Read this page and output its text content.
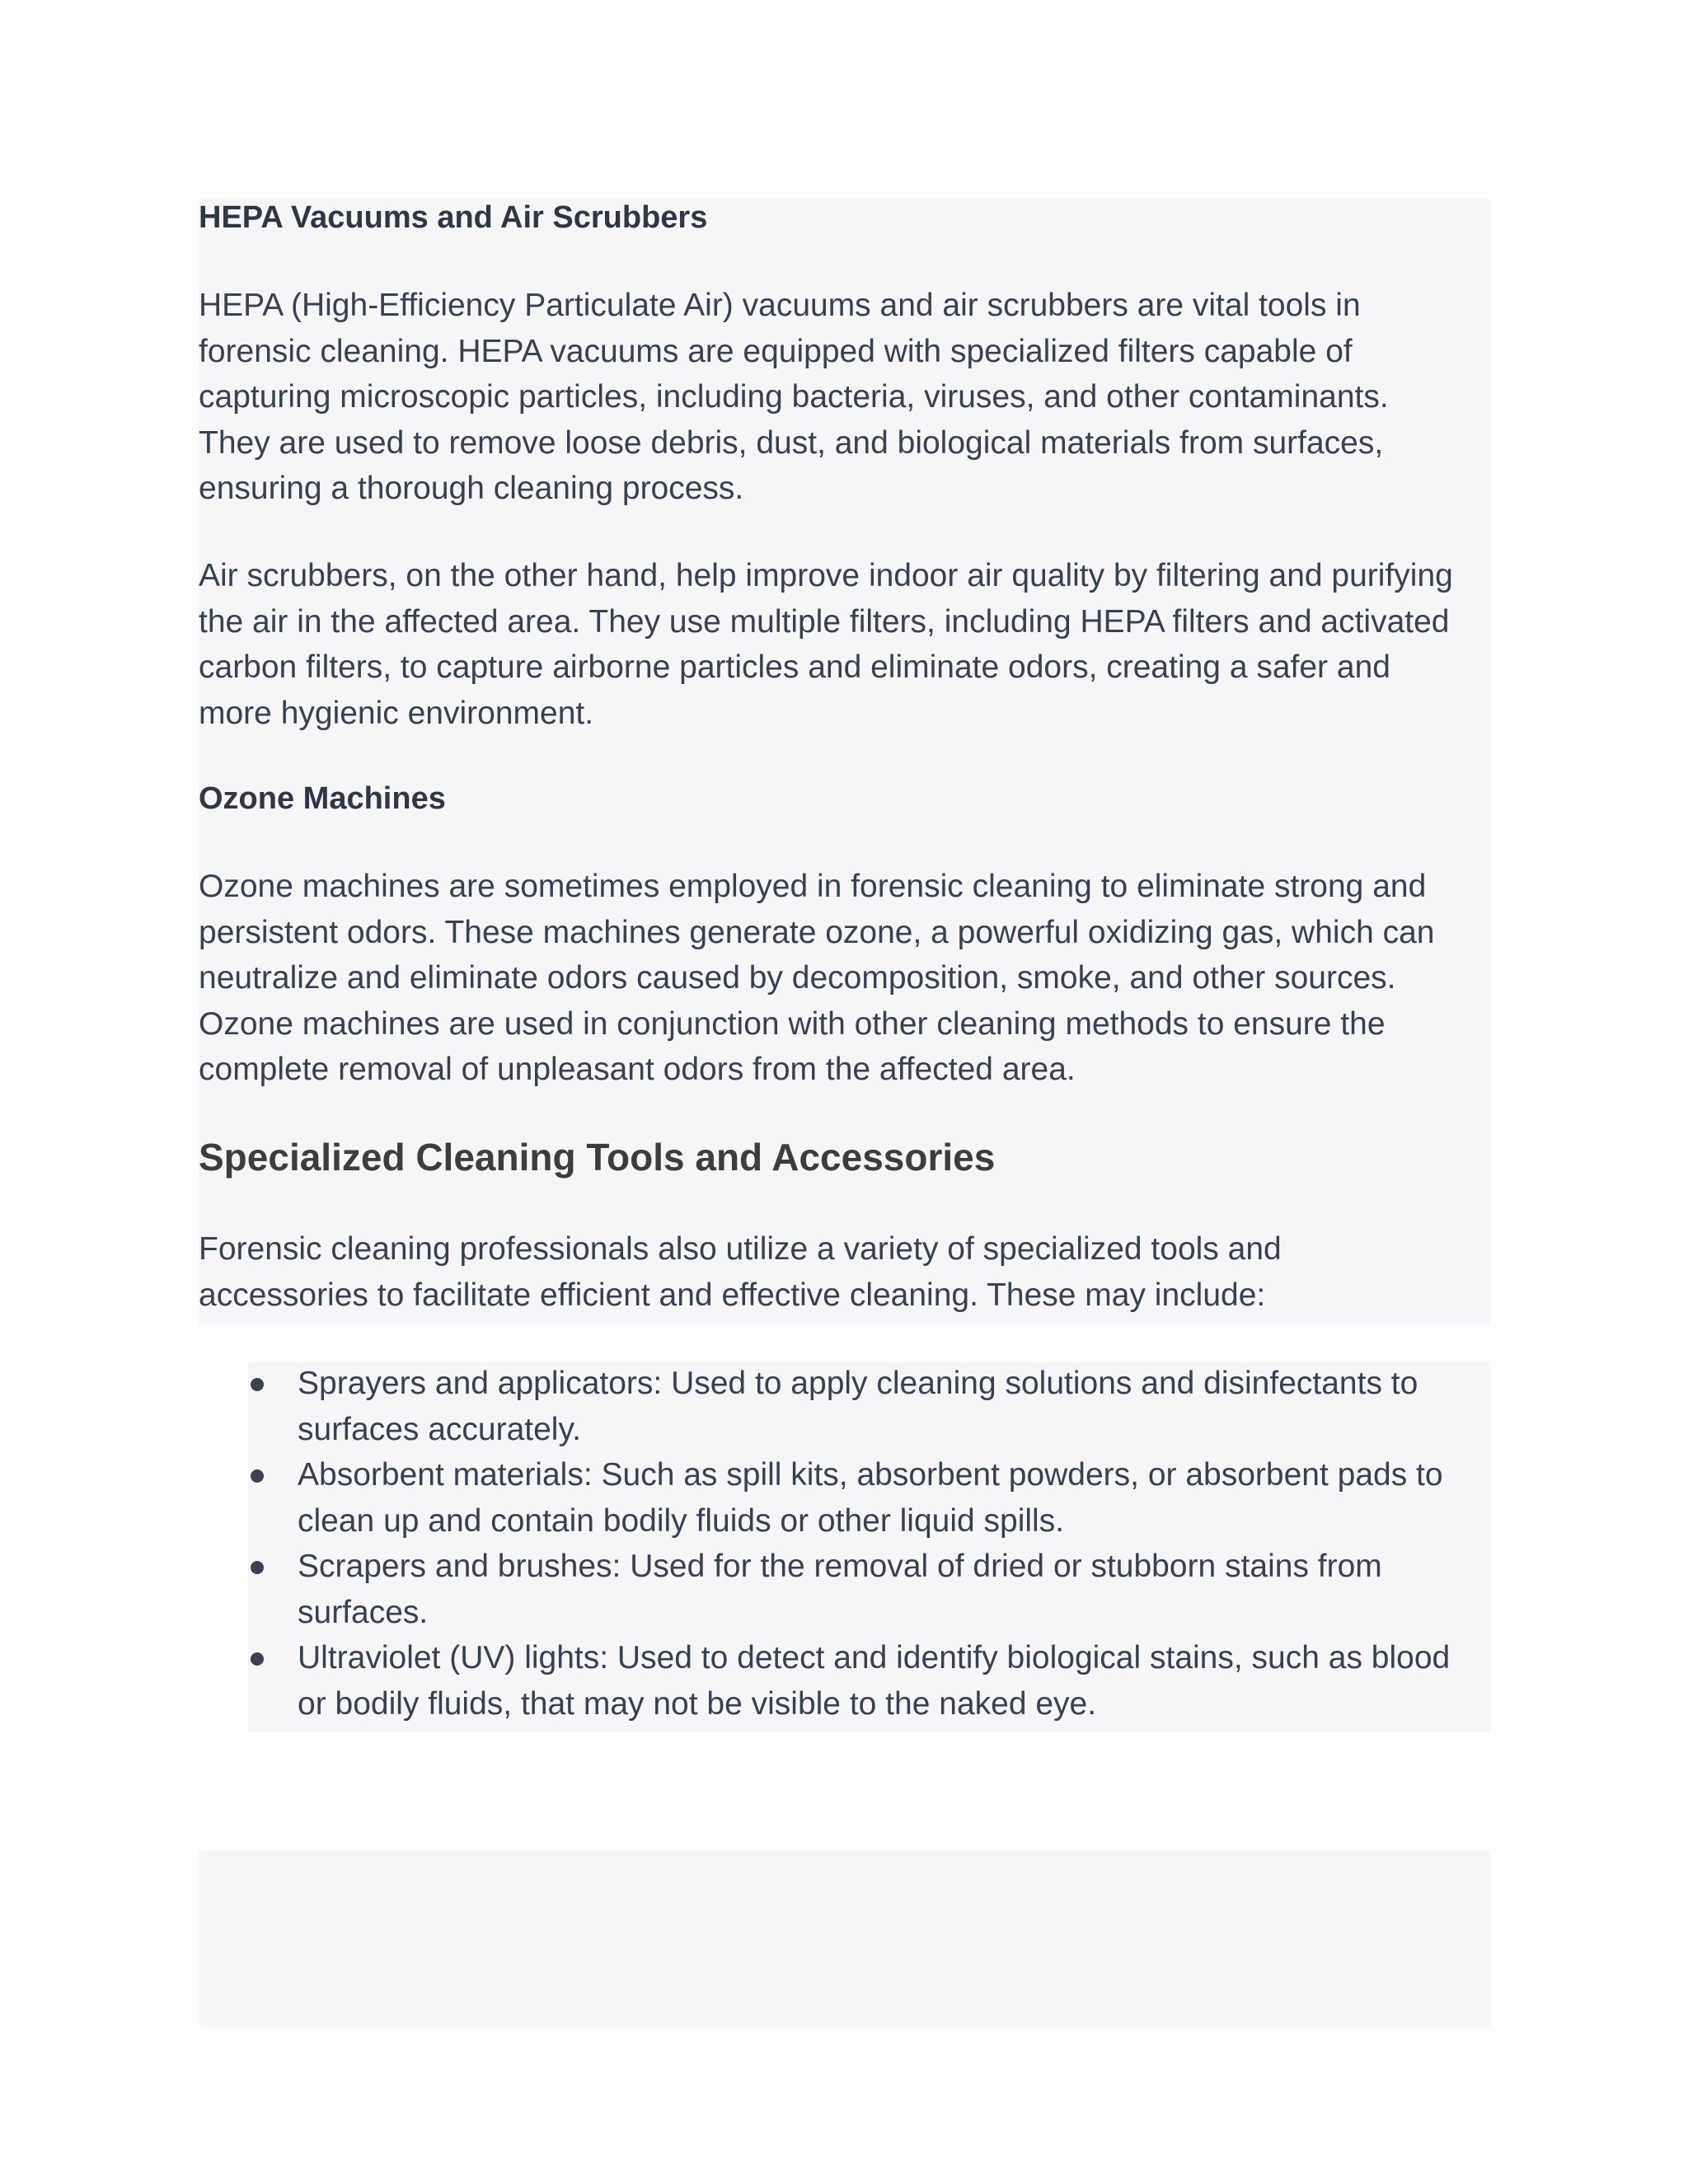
HEPA Vacuums and Air Scrubbers

HEPA (High-Efficiency Particulate Air) vacuums and air scrubbers are vital tools in
forensic cleaning. HEPA vacuums are equipped with specialized filters capable of
capturing microscopic particles, including bacteria, viruses, and other contaminants.
They are used to remove loose debris, dust, and biological materials from surfaces,
ensuring a thorough cleaning process.

Air scrubbers, on the other hand, help improve indoor air quality by filtering and purifying
the air in the affected area. They use multiple filters, including HEPA filters and activated
carbon filters, to capture airborne particles and eliminate odors, creating a safer and
more hygienic environment.

Ozone Machines

Ozone machines are sometimes employed in forensic cleaning to eliminate strong and
persistent odors. These machines generate ozone, a powerful oxidizing gas, which can
neutralize and eliminate odors caused by decomposition, smoke, and other sources.
Ozone machines are used in conjunction with other cleaning methods to ensure the
complete removal of unpleasant odors from the affected area.

Specialized Cleaning Tools and Accessories

Forensic cleaning professionals also utilize a variety of specialized tools and
accessories to facilitate efficient and effective cleaning. These may include:

Sprayers and applicators: Used to apply cleaning solutions and disinfectants to
surfaces accurately.
Absorbent materials: Such as spill kits, absorbent powders, or absorbent pads to
clean up and contain bodily fluids or other liquid spills.
Scrapers and brushes: Used for the removal of dried or stubborn stains from
surfaces.
Ultraviolet (UV) lights: Used to detect and identify biological stains, such as blood
or bodily fluids, that may not be visible to the naked eye.
